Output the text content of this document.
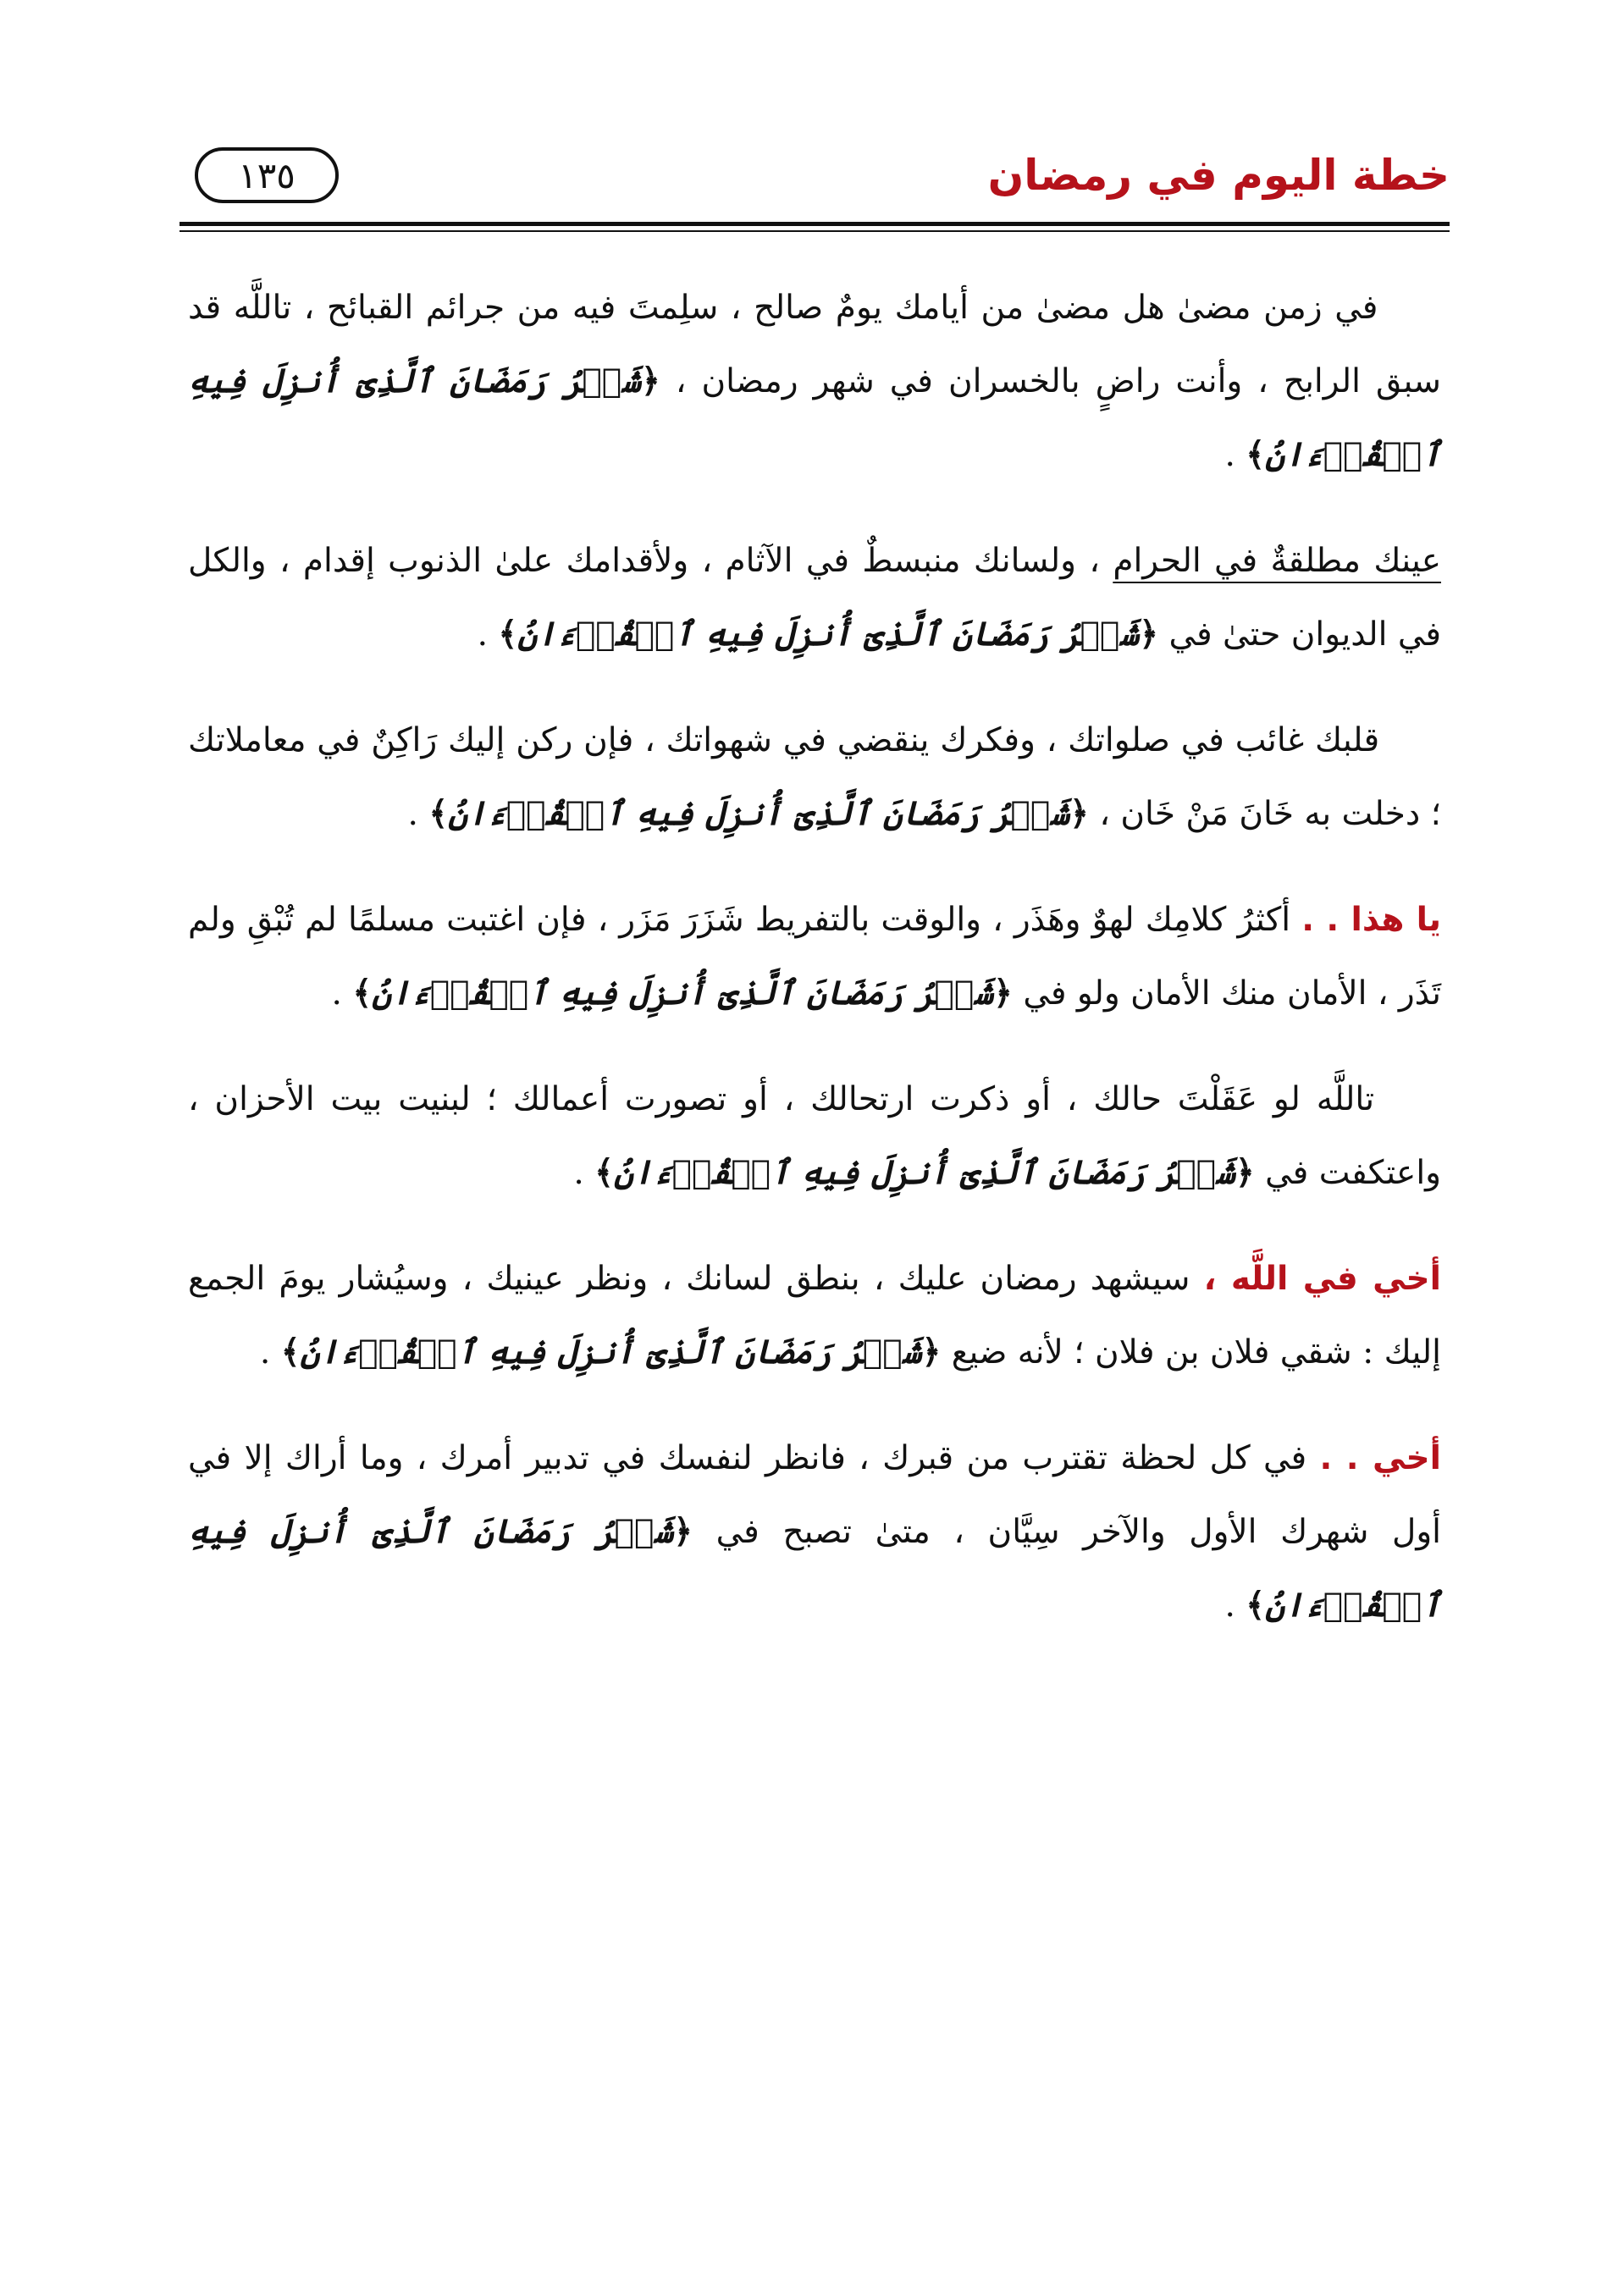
خطة اليوم في رمضان
١٣٥

في زمن مضىٰ هل مضىٰ من أيامك يومٌ صالح ، سلِمتَ فيه من جرائم القبائح ، تاللَّه قد سبق الرابح ، وأنت راضٍ بالخسران في شهر رمضان ، ﴿شَهۡرُ رَمَضَانَ ٱلَّذِىٓ أُنزِلَ فِيهِ ٱلۡقُرۡءَانُ﴾ .

عينك مطلقةٌ في الحرام ، ولسانك منبسطٌ في الآثام ، ولأقدامك علىٰ الذنوب إقدام ، والكل في الديوان حتىٰ في ﴿شَهۡرُ رَمَضَانَ ٱلَّذِىٓ أُنزِلَ فِيهِ ٱلۡقُرۡءَانُ﴾ .

قلبك غائب في صلواتك ، وفكرك ينقضي في شهواتك ، فإن ركن إليك رَاكِنٌ في معاملاتك ؛ دخلت به خَانَ مَنْ خَان ، ﴿شَهۡرُ رَمَضَانَ ٱلَّذِىٓ أُنزِلَ فِيهِ ٱلۡقُرۡءَانُ﴾ .

يا هذا . . أكثرُ كلامِك لهوٌ وهَذَر ، والوقت بالتفريط شَزَرَ مَزَر ، فإن اغتبت مسلمًا لم تُبْقِ ولم تَذَر ، الأمان منك الأمان ولو في ﴿شَهۡرُ رَمَضَانَ ٱلَّذِىٓ أُنزِلَ فِيهِ ٱلۡقُرۡءَانُ﴾ .

تاللَّه لو عَقَلْتَ حالك ، أو ذكرت ارتحالك ، أو تصورت أعمالك ؛ لبنيت بيت الأحزان ، واعتكفت في ﴿شَهۡرُ رَمَضَانَ ٱلَّذِىٓ أُنزِلَ فِيهِ ٱلۡقُرۡءَانُ﴾ .

أخي في اللَّه ، سيشهد رمضان عليك ، بنطق لسانك ، ونظر عينيك ، وسيُشار يومَ الجمع إليك : شقي فلان بن فلان ؛ لأنه ضيع ﴿شَهۡرُ رَمَضَانَ ٱلَّذِىٓ أُنزِلَ فِيهِ ٱلۡقُرۡءَانُ﴾ .

أخي . . في كل لحظة تقترب من قبرك ، فانظر لنفسك في تدبير أمرك ، وما أراك إلا في أول شهرك الأول والآخر سِيَّان ، متىٰ تصبح في ﴿شَهۡرُ رَمَضَانَ ٱلَّذِىٓ أُنزِلَ فِيهِ ٱلۡقُرۡءَانُ﴾ .
